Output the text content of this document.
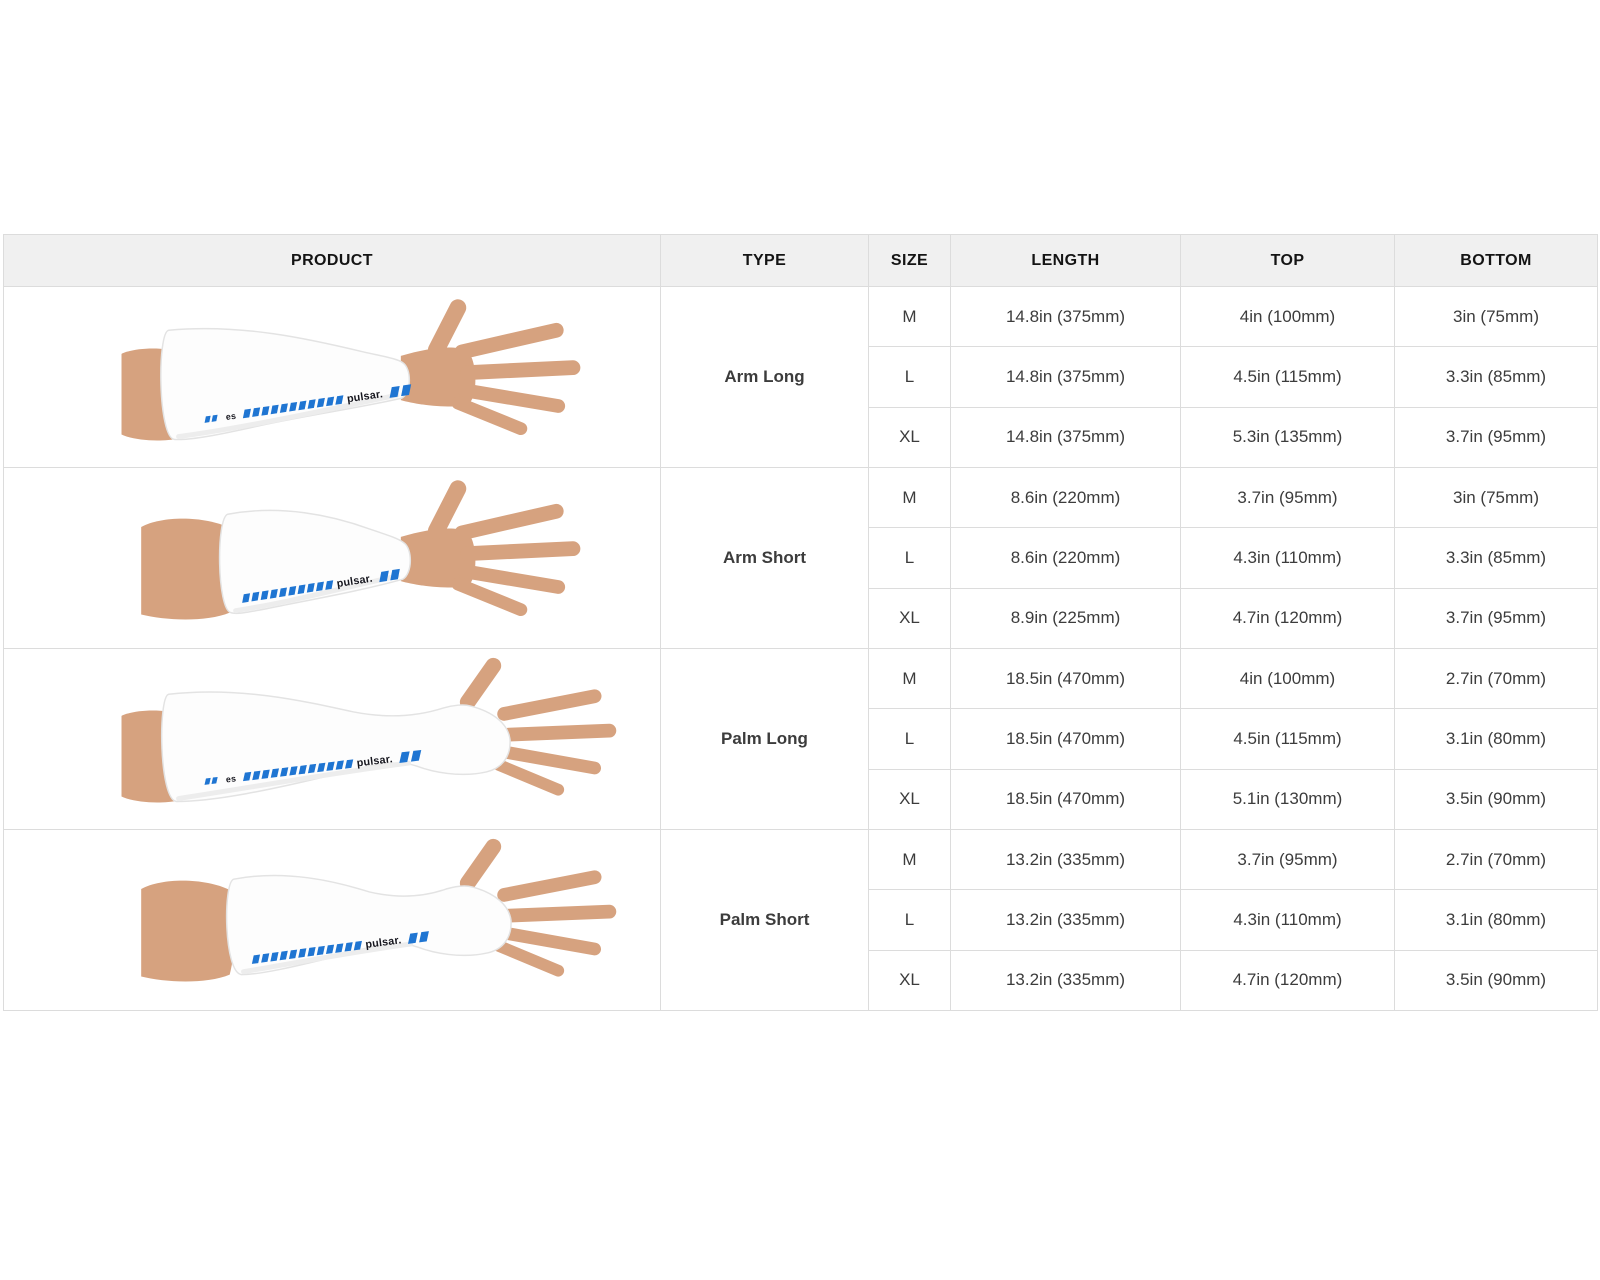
PRODUCT	TYPE	SIZE	LENGTH	TOP	BOTTOM

es
pulsar.	Arm Long	M	14.8in (375mm)	4in (100mm)	3in (75mm)
		L	14.8in (375mm)	4.5in (115mm)	3.3in (85mm)
		XL	14.8in (375mm)	5.3in (135mm)	3.7in (95mm)

pulsar.	Arm Short	M	8.6in (220mm)	3.7in (95mm)	3in (75mm)
		L	8.6in (220mm)	4.3in (110mm)	3.3in (85mm)
		XL	8.9in (225mm)	4.7in (120mm)	3.7in (95mm)

es
pulsar.	Palm Long	M	18.5in (470mm)	4in (100mm)	2.7in (70mm)
		L	18.5in (470mm)	4.5in (115mm)	3.1in (80mm)
		XL	18.5in (470mm)	5.1in (130mm)	3.5in (90mm)

pulsar.	Palm Short	M	13.2in (335mm)	3.7in (95mm)	2.7in (70mm)
		L	13.2in (335mm)	4.3in (110mm)	3.1in (80mm)
		XL	13.2in (335mm)	4.7in (120mm)	3.5in (90mm)
